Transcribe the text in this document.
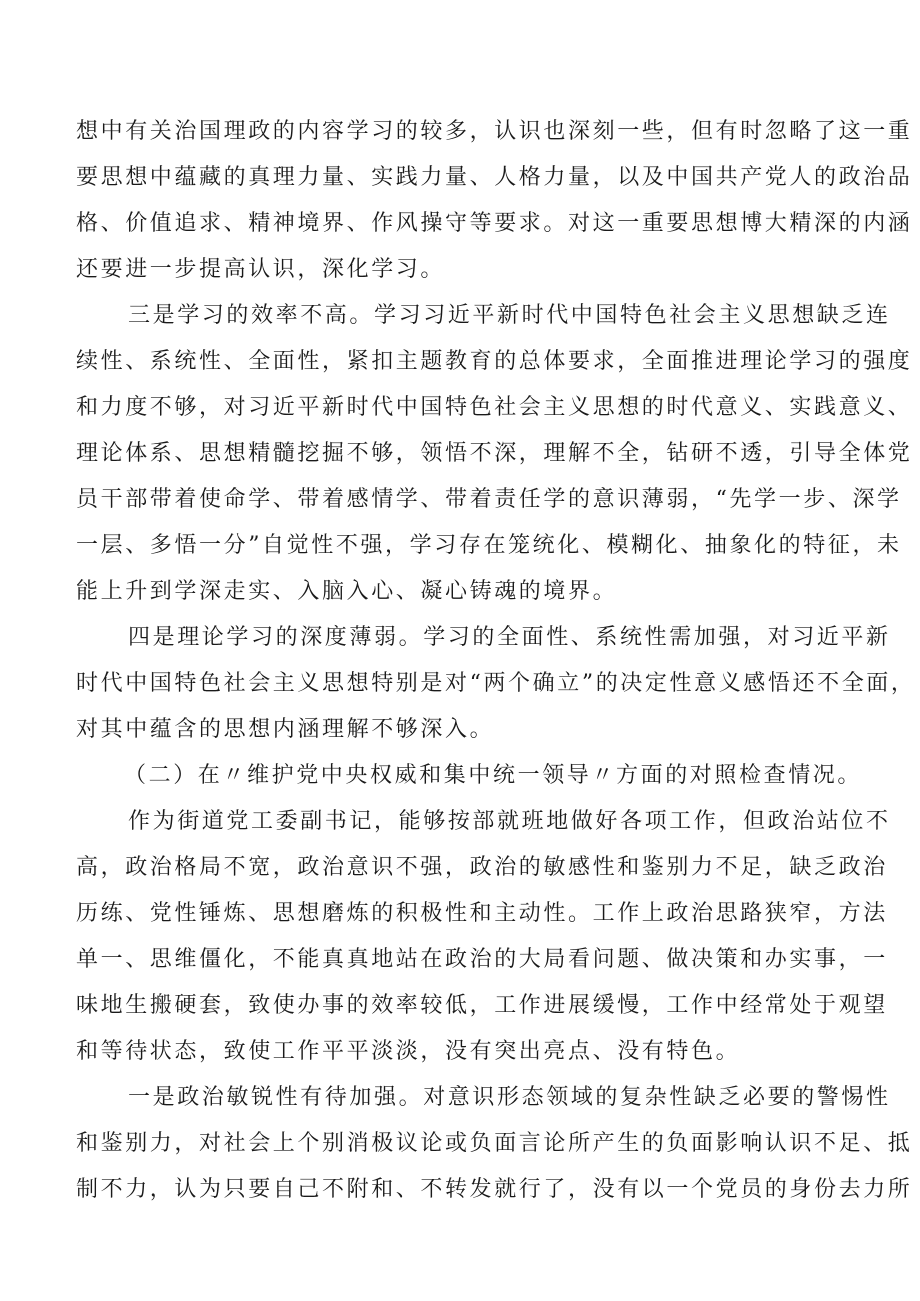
想中有关治国理政的内容学习的较多，认识也深刻一些，但有时忽略了这一重
要思想中蕴藏的真理力量、实践力量、人格力量，以及中国共产党人的政治品
格、价值追求、精神境界、作风操守等要求。对这一重要思想博大精深的内涵
还要进一步提高认识，深化学习。
三是学习的效率不高。学习习近平新时代中国特色社会主义思想缺乏连
续性、系统性、全面性，紧扣主题教育的总体要求，全面推进理论学习的强度
和力度不够，对习近平新时代中国特色社会主义思想的时代意义、实践意义、
理论体系、思想精髓挖掘不够，领悟不深，理解不全，钻研不透，引导全体党
员干部带着使命学、带着感情学、带着责任学的意识薄弱，“先学一步、深学
一层、多悟一分”自觉性不强，学习存在笼统化、模糊化、抽象化的特征，未
能上升到学深走实、入脑入心、凝心铸魂的境界。
四是理论学习的深度薄弱。学习的全面性、系统性需加强，对习近平新
时代中国特色社会主义思想特别是对“两个确立”的决定性意义感悟还不全面，
对其中蕴含的思想内涵理解不够深入。
（二）在〃维护党中央权威和集中统一领导〃方面的对照检查情况。
作为街道党工委副书记，能够按部就班地做好各项工作，但政治站位不
高，政治格局不宽，政治意识不强，政治的敏感性和鉴别力不足，缺乏政治
历练、党性锤炼、思想磨炼的积极性和主动性。工作上政治思路狭窄，方法
单一、思维僵化，不能真真地站在政治的大局看问题、做决策和办实事，一
味地生搬硬套，致使办事的效率较低，工作进展缓慢，工作中经常处于观望
和等待状态，致使工作平平淡淡，没有突出亮点、没有特色。
一是政治敏锐性有待加强。对意识形态领域的复杂性缺乏必要的警惕性
和鉴别力，对社会上个别消极议论或负面言论所产生的负面影响认识不足、抵
制不力，认为只要自己不附和、不转发就行了，没有以一个党员的身份去力所
